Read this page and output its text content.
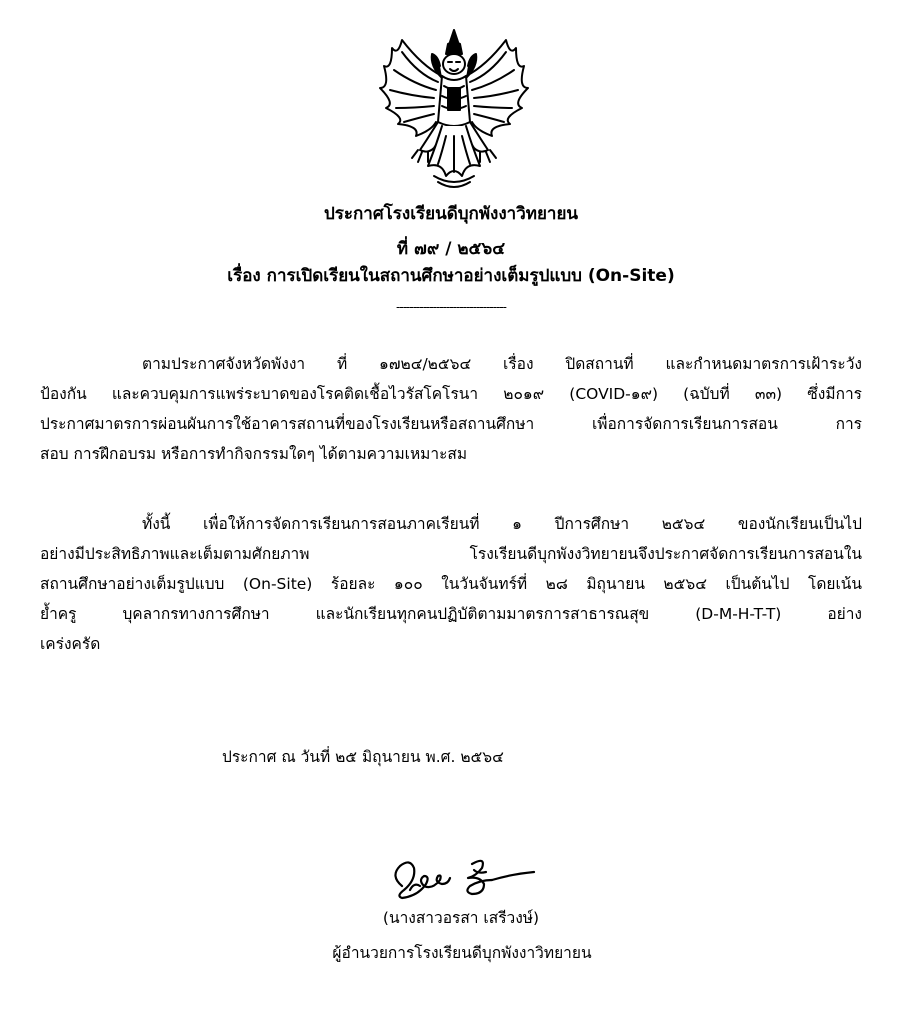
ประกาศโรงเรียนดีบุกพังงาวิทยายน
ที่ ๗๙ / ๒๕๖๔
เรื่อง การเปิดเรียนในสถานศึกษาอย่างเต็มรูปแบบ (On-Site)
---------------------------------
ตามประกาศจังหวัดพังงา ที่ ๑๗๒๔/๒๕๖๔ เรื่อง ปิดสถานที่ และกำหนดมาตรการเฝ้าระวัง
ป้องกัน และควบคุมการแพร่ระบาดของโรคติดเชื้อไวรัสโคโรนา ๒๐๑๙ (COVID-๑๙) (ฉบับที่ ๓๓) ซึ่งมีการ
ประกาศมาตรการผ่อนผันการใช้อาคารสถานที่ของโรงเรียนหรือสถานศึกษา เพื่อการจัดการเรียนการสอน การ
สอบ การฝึกอบรม หรือการทำกิจกรรมใดๆ ได้ตามความเหมาะสม
ทั้งนี้ เพื่อให้การจัดการเรียนการสอนภาคเรียนที่ ๑ ปีการศึกษา ๒๕๖๔ ของนักเรียนเป็นไป
อย่างมีประสิทธิภาพและเต็มตามศักยภาพ โรงเรียนดีบุกพังงวิทยายนจึงประกาศจัดการเรียนการสอนใน
สถานศึกษาอย่างเต็มรูปแบบ (On-Site) ร้อยละ ๑๐๐ ในวันจันทร์ที่ ๒๘ มิถุนายน ๒๕๖๔ เป็นต้นไป โดยเน้น
ย้ำครู บุคลากรทางการศึกษา และนักเรียนทุกคนปฏิบัติตามมาตรการสาธารณสุข (D-M-H-T-T) อย่าง
เคร่งครัด
ประกาศ ณ วันที่ ๒๕ มิถุนายน พ.ศ. ๒๕๖๔
(นางสาวอรสา เสรีวงษ์)
ผู้อำนวยการโรงเรียนดีบุกพังงาวิทยายน
